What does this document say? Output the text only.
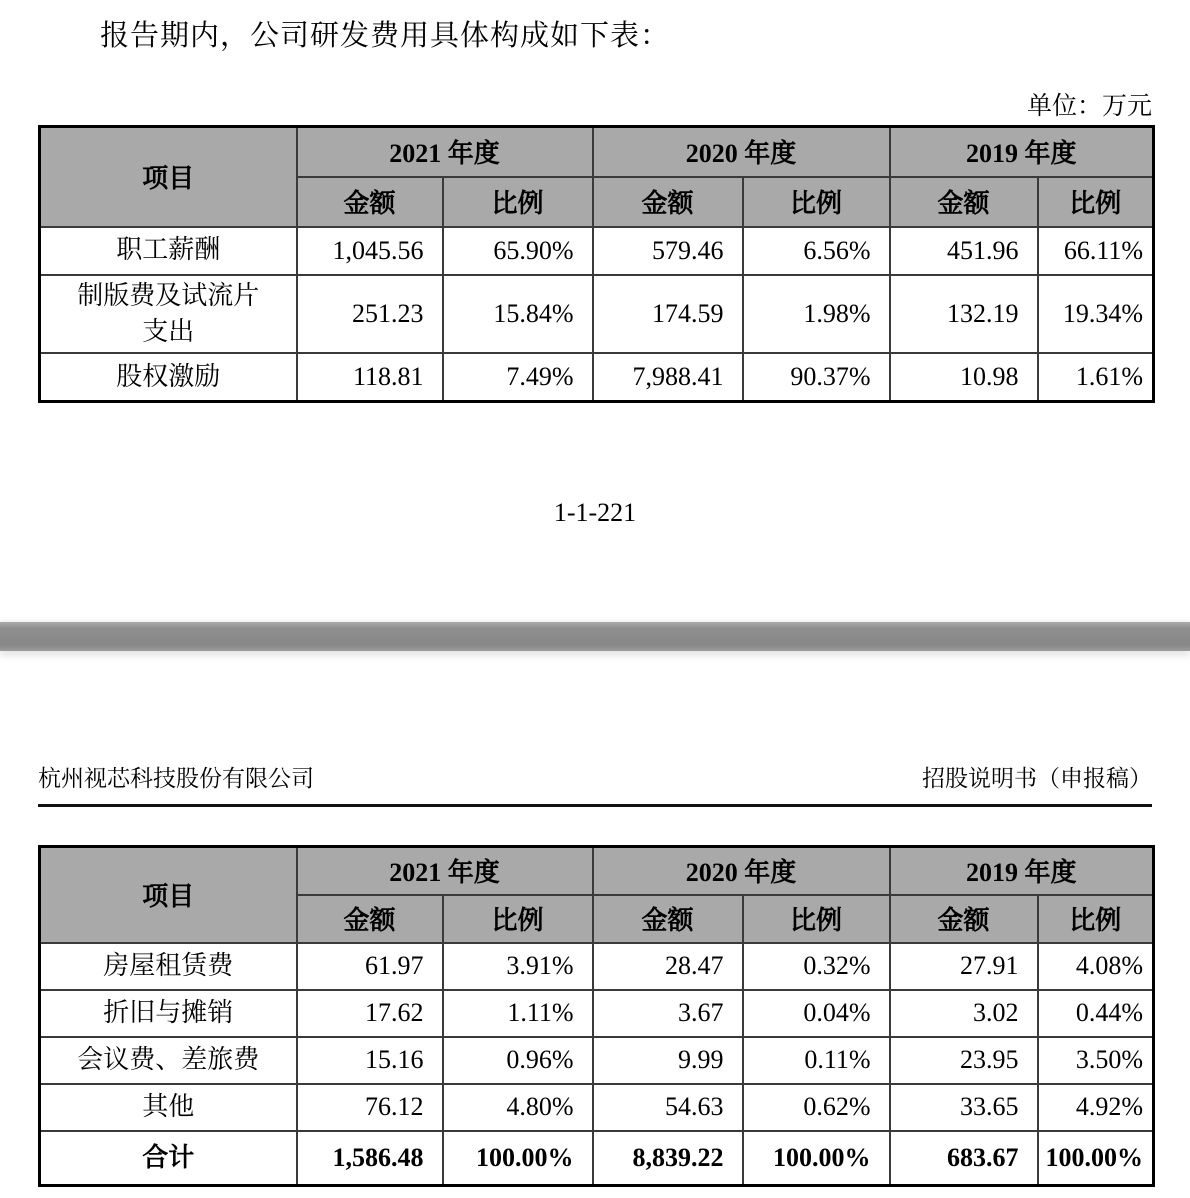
报告期内，公司研发费用具体构成如下表：
单位：万元
项目	2021 年度		2020 年度		2019 年度	
	金额	比例	金额	比例	金额	比例
职工薪酬	1,045.56	65.90%	579.46	6.56%	451.96	66.11%
制版费及试流片支出	251.23	15.84%	174.59	1.98%	132.19	19.34%
股权激励	118.81	7.49%	7,988.41	90.37%	10.98	1.61%
1-1-221
杭州视芯科技股份有限公司	招股说明书（申报稿）
项目	2021 年度		2020 年度		2019 年度	
	金额	比例	金额	比例	金额	比例
房屋租赁费	61.97	3.91%	28.47	0.32%	27.91	4.08%
折旧与摊销	17.62	1.11%	3.67	0.04%	3.02	0.44%
会议费、差旅费	15.16	0.96%	9.99	0.11%	23.95	3.50%
其他	76.12	4.80%	54.63	0.62%	33.65	4.92%
合计	1,586.48	100.00%	8,839.22	100.00%	683.67	100.00%
